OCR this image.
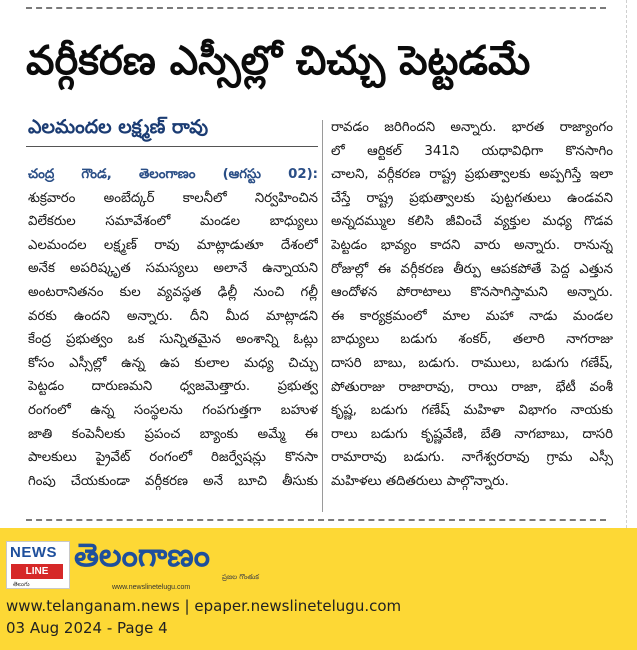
వర్గీకరణ ఎస్సీల్లో చిచ్చు పెట్టడమే
ఎలమందల లక్ష్మణ్ రావు
చంద్ర గౌండ, తెలంగాణం (ఆగస్టు 02):
శుక్రవారం అంబేద్కర్ కాలనీలో నిర్వహించిన
విలేకరుల సమావేశంలో మండల బాధ్యులు
ఎలమందల లక్ష్మణ్ రావు మాట్లాడుతూ దేశంలో
అనేక అపరిష్కృత సమస్యలు అలానే ఉన్నాయని
అంటరానితనం కుల వ్యవస్థత ఢిల్లీ నుంచి గల్లీ
వరకు ఉందని అన్నారు. దీని మీద మాట్లాడని
కేంద్ర ప్రభుత్వం ఒక సున్నితమైన అంశాన్ని ఓట్లు
కోసం ఎస్సీల్లో ఉన్న ఉప కులాల మధ్య చిచ్చు
పెట్టడం దారుణమని ధ్వజమెత్తారు. ప్రభుత్వ
రంగంలో ఉన్న సంస్థలను గంపగుత్తగా బహుళ
జాతి కంపెనీలకు ప్రపంచ బ్యాంకు అమ్మే ఈ
పాలకులు ప్రైవేట్ రంగంలో రిజర్వేషన్లు కొనసా
గింపు చేయకుండా వర్గీకరణ అనే బూచి తీసుకు
రావడం జరిగిందని అన్నారు. భారత రాజ్యాంగం
లో ఆర్టికల్ 341ని యధావిధిగా కొనసాగిం
చాలని, వర్గీకరణ రాష్ట్ర ప్రభుత్వాలకు అప్పగిస్తే ఇలా
చేస్తే రాష్ట్ర ప్రభుత్వాలకు పుట్టగతులు ఉండవని
అన్నదమ్ముల కలిసి జీవించే వ్యక్తుల మధ్య గొడవ
పెట్టడం భావ్యం కాదని వారు అన్నారు. రానున్న
రోజుల్లో ఈ వర్గీకరణ తీర్పు ఆపకపోతే పెద్ద ఎత్తున
ఆందోళన పోరాటాలు కొనసాగిస్తామని అన్నారు.
ఈ కార్యక్రమంలో మాల మహా నాడు మండల
బాధ్యులు బడుగు శంకర్, తలారి నాగరాజు
దాసరి బాబు, బడుగు. రాములు, బడుగు గణేష్,
పోతురాజు రాజారావు, రాయి రాజా, భేటీ వంశీ
కృష్ణ, బడుగు గణేష్ మహిళా విభాగం నాయకు
రాలు బడుగు కృష్ణవేణి, బేతి నాగబాబు, దాసరి
రామారావు బడుగు. నాగేశ్వరరావు గ్రామ ఎస్సీ
మహిళలు తదితరులు పాల్గొన్నారు.
NEWS
LINE
తెలుగు
తెలంగాణం
ప్రజల గొంతుక
www.newslinetelugu.com
www.telanganam.news | epaper.newslinetelugu.com
03 Aug 2024 - Page 4
